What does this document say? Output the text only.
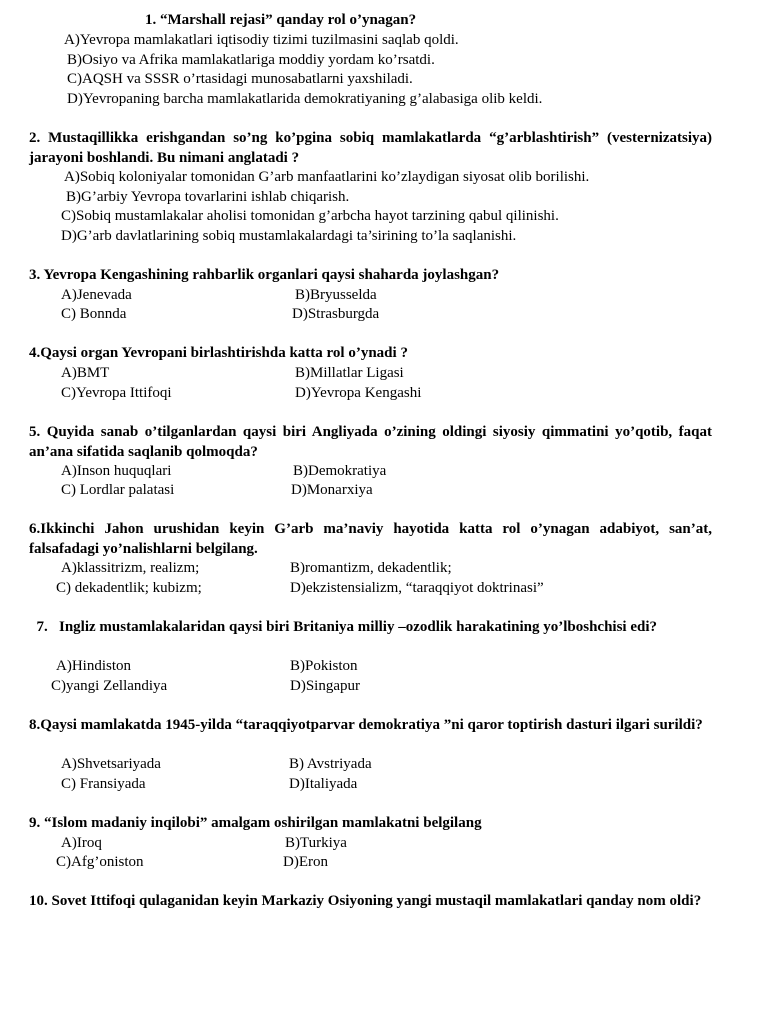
1. “Marshall rejasi” qanday rol o’ynagan?
A)Yevropa mamlakatlari iqtisodiy tizimi tuzilmasini saqlab qoldi.
B)Osiyo va Afrika mamlakatlariga moddiy yordam ko’rsatdi.
C)AQSH va SSSR o’rtasidagi munosabatlarni yaxshiladi.
D)Yevropaning barcha mamlakatlarida demokratiyaning g’alabasiga olib keldi.
2. Mustaqillikka erishgandan so’ng ko’pgina sobiq mamlakatlarda “g’arblashtirish” (vesternizatsiya) jarayoni boshlandi. Bu nimani anglatadi ?
A)Sobiq koloniyalar tomonidan G’arb manfaatlarini ko’zlaydigan siyosat olib borilishi.
B)G’arbiy Yevropa tovarlarini ishlab chiqarish.
C)Sobiq mustamlakalar aholisi tomonidan g’arbcha hayot tarzining qabul qilinishi.
D)G’arb davlatlarining sobiq mustamlakalardagi ta’sirining to’la saqlanishi.
3. Yevropa Kengashining rahbarlik organlari qaysi shaharda joylashgan?
A)Jenevada	B)Bryusselda
C) Bonnda	D)Strasburgda
4.Qaysi organ Yevropani birlashtirishda katta rol o’ynadi ?
A)BMT	B)Millatlar Ligasi
C)Yevropa Ittifoqi	D)Yevropa Kengashi
5. Quyida sanab o’tilganlardan qaysi biri Angliyada o’zining oldingi siyosiy qimmatini yo’qotib, faqat an’ana sifatida saqlanib qolmoqda?
A)Inson huquqlari	B)Demokratiya
C) Lordlar palatasi	D)Monarxiya
6.Ikkinchi Jahon urushidan keyin G’arb ma’naviy hayotida katta rol o’ynagan adabiyot, san’at, falsafadagi yo’nalishlarni belgilang.
A)klassitrizm, realizm;	B)romantizm, dekadentlik;
C) dekadentlik; kubizm;	D)ekzistensializm, “taraqqiyot doktrinasi”
7.   Ingliz mustamlakalaridan qaysi biri Britaniya milliy –ozodlik harakatining yo’lboshchisi edi?
A)Hindiston	B)Pokiston
C)yangi Zellandiya	D)Singapur
8.Qaysi mamlakatda 1945-yilda “taraqqiyotparvar demokratiya ”ni qaror toptirish dasturi ilgari surildi?
A)Shvetsariyada	B) Avstriyada
C) Fransiyada	D)Italiyada
9. “Islom madaniy inqilobi” amalgam oshirilgan mamlakatni belgilang
A)Iroq	B)Turkiya
C)Afg’oniston	D)Eron
10. Sovet Ittifoqi qulaganidan keyin Markaziy Osiyoning yangi mustaqil mamlakatlari qanday nom oldi?
